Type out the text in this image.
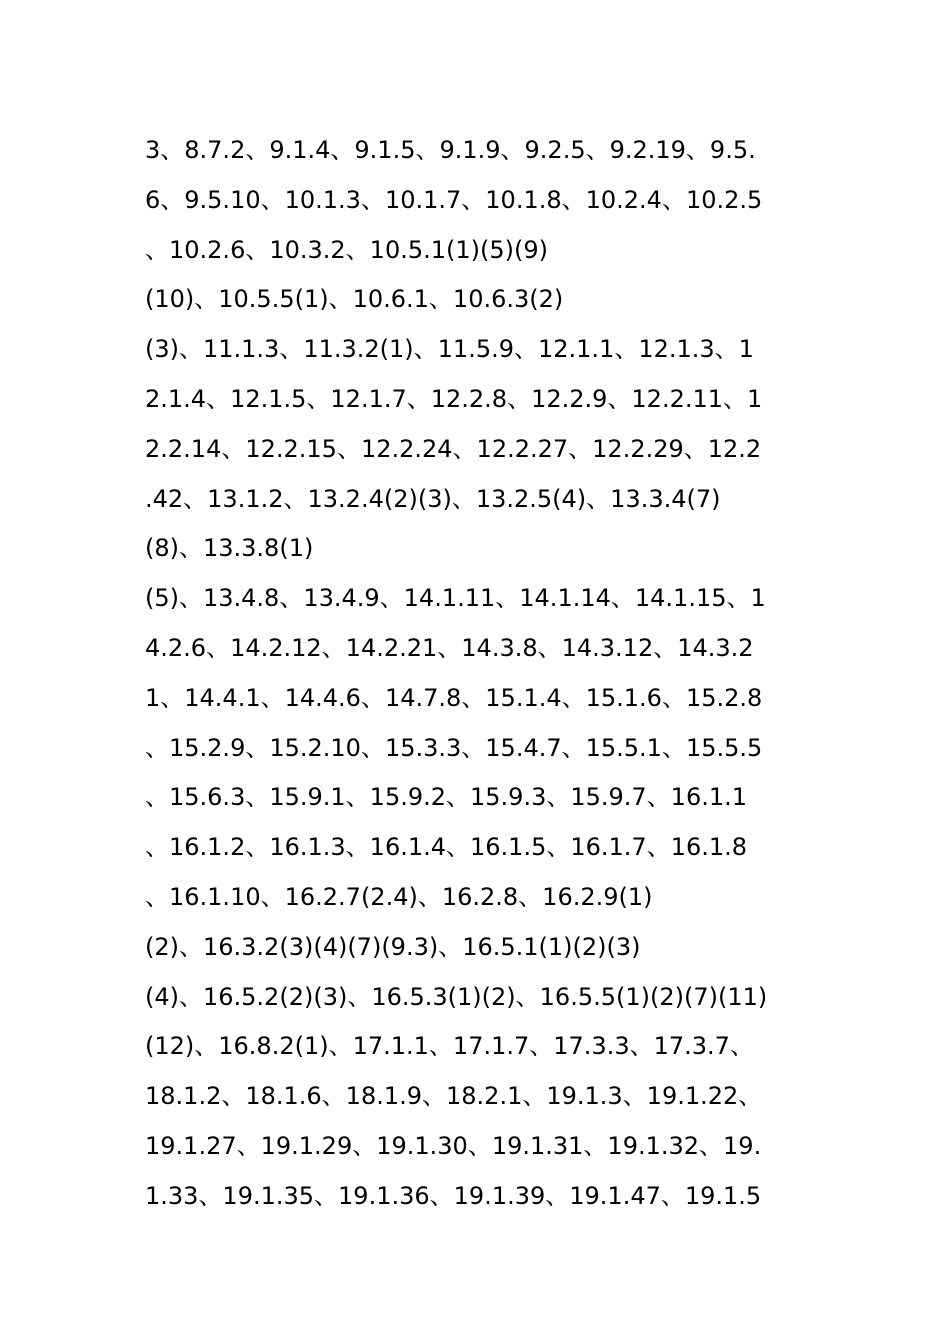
3、8.7.2、9.1.4、9.1.5、9.1.9、9.2.5、9.2.19、9.5.
6、9.5.10、10.1.3、10.1.7、10.1.8、10.2.4、10.2.5
、10.2.6、10.3.2、10.5.1(1)(5)(9)
(10)、10.5.5(1)、10.6.1、10.6.3(2)
(3)、11.1.3、11.3.2(1)、11.5.9、12.1.1、12.1.3、1
2.1.4、12.1.5、12.1.7、12.2.8、12.2.9、12.2.11、1
2.2.14、12.2.15、12.2.24、12.2.27、12.2.29、12.2
.42、13.1.2、13.2.4(2)(3)、13.2.5(4)、13.3.4(7)
(8)、13.3.8(1)
(5)、13.4.8、13.4.9、14.1.11、14.1.14、14.1.15、1
4.2.6、14.2.12、14.2.21、14.3.8、14.3.12、14.3.2
1、14.4.1、14.4.6、14.7.8、15.1.4、15.1.6、15.2.8
、15.2.9、15.2.10、15.3.3、15.4.7、15.5.1、15.5.5
、15.6.3、15.9.1、15.9.2、15.9.3、15.9.7、16.1.1
、16.1.2、16.1.3、16.1.4、16.1.5、16.1.7、16.1.8
、16.1.10、16.2.7(2.4)、16.2.8、16.2.9(1)
(2)、16.3.2(3)(4)(7)(9.3)、16.5.1(1)(2)(3)
(4)、16.5.2(2)(3)、16.5.3(1)(2)、16.5.5(1)(2)(7)(11)
(12)、16.8.2(1)、17.1.1、17.1.7、17.3.3、17.3.7、
18.1.2、18.1.6、18.1.9、18.2.1、19.1.3、19.1.22、
19.1.27、19.1.29、19.1.30、19.1.31、19.1.32、19.
1.33、19.1.35、19.1.36、19.1.39、19.1.47、19.1.5
